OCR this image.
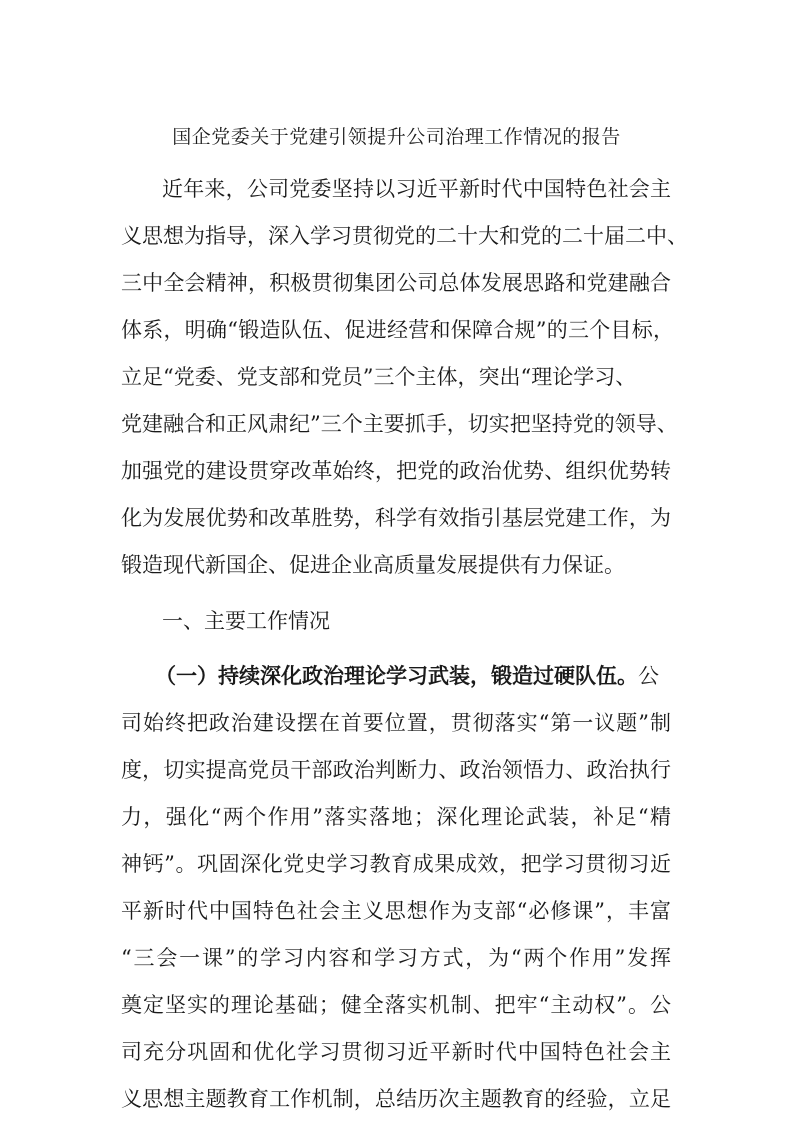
国企党委关于党建引领提升公司治理工作情况的报告
近年来，公司党委坚持以习近平新时代中国特色社会主
义思想为指导，深入学习贯彻党的二十大和党的二十届二中、
三中全会精神，积极贯彻集团公司总体发展思路和党建融合
体系，明确“锻造队伍、促进经营和保障合规”的三个目标，
立足“党委、党支部和党员”三个主体，突出“理论学习、
党建融合和正风肃纪”三个主要抓手，切实把坚持党的领导、
加强党的建设贯穿改革始终，把党的政治优势、组织优势转
化为发展优势和改革胜势，科学有效指引基层党建工作，为
锻造现代新国企、促进企业高质量发展提供有力保证。
一、主要工作情况
（一）持续深化政治理论学习武装，锻造过硬队伍。公
司始终把政治建设摆在首要位置，贯彻落实“第一议题”制
度，切实提高党员干部政治判断力、政治领悟力、政治执行
力，强化“两个作用”落实落地；深化理论武装，补足“精
神钙”。巩固深化党史学习教育成果成效，把学习贯彻习近
平新时代中国特色社会主义思想作为支部“必修课”，丰富
“三会一课”的学习内容和学习方式，为“两个作用”发挥
奠定坚实的理论基础；健全落实机制、把牢“主动权”。公
司充分巩固和优化学习贯彻习近平新时代中国特色社会主
义思想主题教育工作机制，总结历次主题教育的经验，立足
